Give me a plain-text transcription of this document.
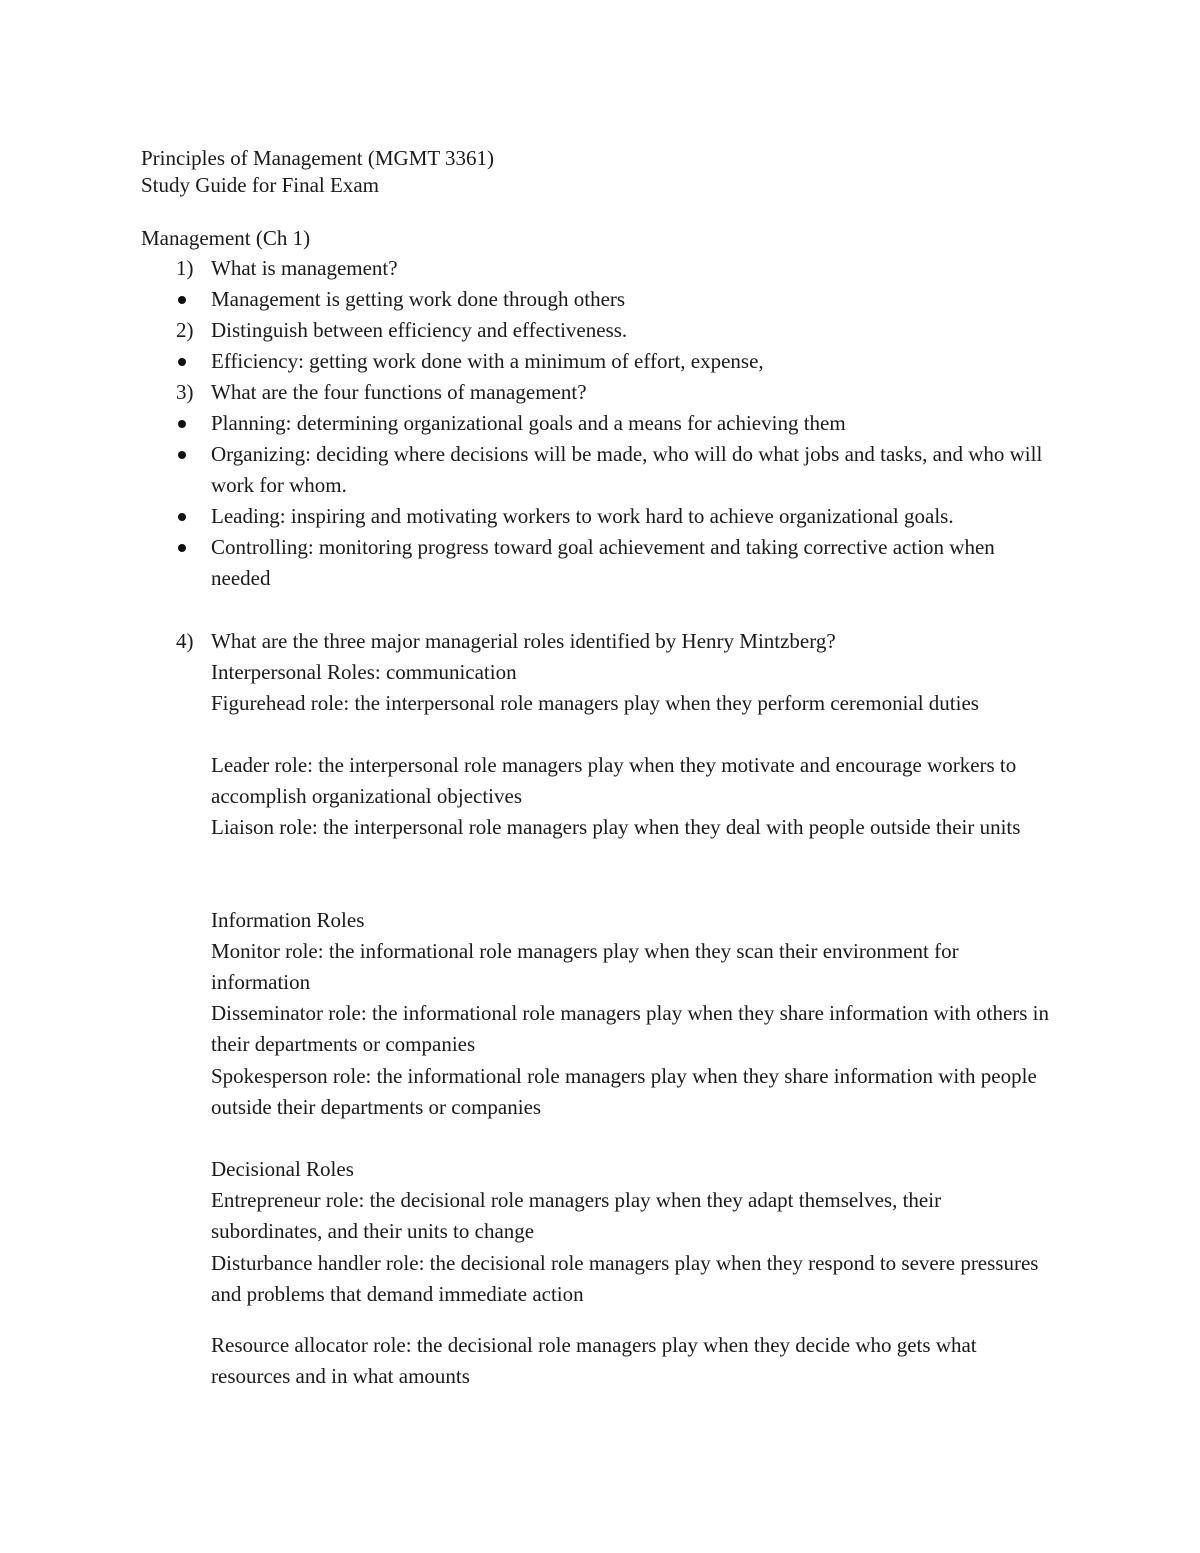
Principles of Management (MGMT 3361)
Study Guide for Final Exam
Management (Ch 1)
1) What is management?
Management is getting work done through others
2) Distinguish between efficiency and effectiveness.
Efficiency: getting work done with a minimum of effort, expense,
3) What are the four functions of management?
Planning: determining organizational goals and a means for achieving them
Organizing: deciding where decisions will be made, who will do what jobs and tasks, and who will work for whom.
Leading: inspiring and motivating workers to work hard to achieve organizational goals.
Controlling: monitoring progress toward goal achievement and taking corrective action when needed
4) What are the three major managerial roles identified by Henry Mintzberg?
Interpersonal Roles: communication
Figurehead role: the interpersonal role managers play when they perform ceremonial duties
Leader role: the interpersonal role managers play when they motivate and encourage workers to accomplish organizational objectives
Liaison role: the interpersonal role managers play when they deal with people outside their units
Information Roles
Monitor role: the informational role managers play when they scan their environment for information
Disseminator role: the informational role managers play when they share information with others in their departments or companies
Spokesperson role: the informational role managers play when they share information with people outside their departments or companies
Decisional Roles
Entrepreneur role: the decisional role managers play when they adapt themselves, their subordinates, and their units to change
Disturbance handler role: the decisional role managers play when they respond to severe pressures and problems that demand immediate action
Resource allocator role: the decisional role managers play when they decide who gets what resources and in what amounts
